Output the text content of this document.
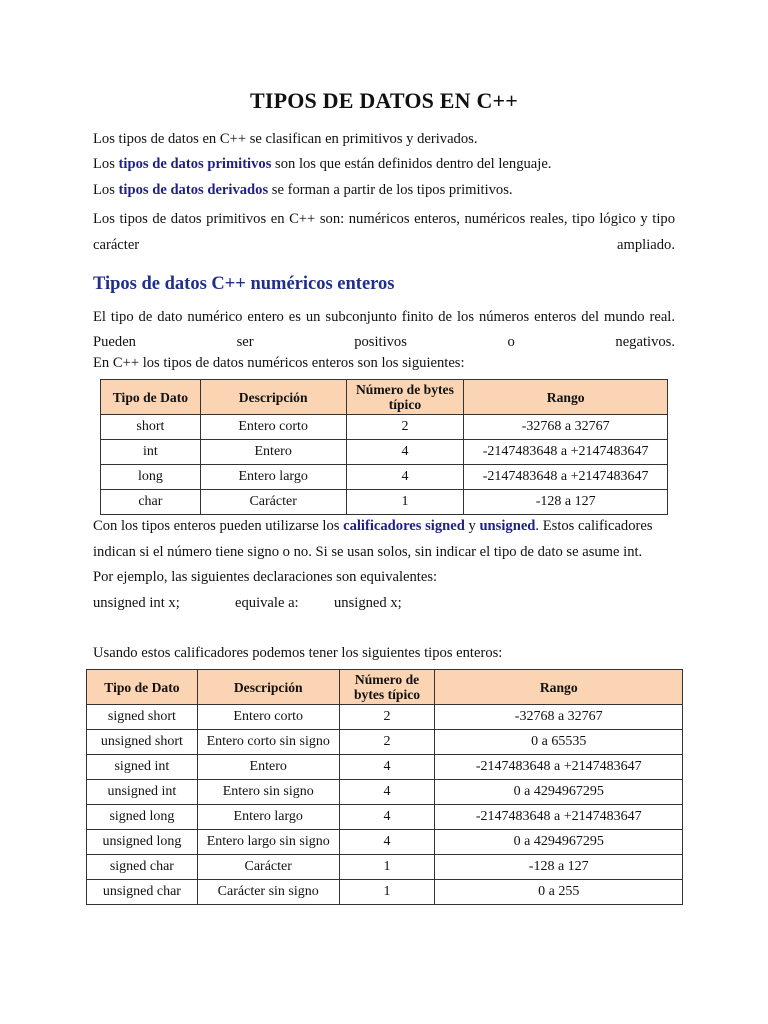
TIPOS DE DATOS EN C++
Los tipos de datos en C++ se clasifican en primitivos y derivados.
Los tipos de datos primitivos son los que están definidos dentro del lenguaje.
Los tipos de datos derivados se forman a partir de los tipos primitivos.
Los tipos de datos primitivos en C++ son: numéricos enteros, numéricos reales, tipo lógico y tipo carácter ampliado.
Tipos de datos C++ numéricos enteros
El tipo de dato numérico entero es un subconjunto finito de los números enteros del mundo real. Pueden ser positivos o negativos.
En C++ los tipos de datos numéricos enteros son los siguientes:
Tipo de Dato	Descripción	Número de bytes típico	Rango
short	Entero corto	2	-32768 a 32767
int	Entero	4	-2147483648 a +2147483647
long	Entero largo	4	-2147483648 a +2147483647
char	Carácter	1	-128 a 127
Con los tipos enteros pueden utilizarse los calificadores signed y unsigned. Estos calificadores
indican si el número tiene signo o no. Si se usan solos, sin indicar el tipo de dato se asume int.
Por ejemplo, las siguientes declaraciones son equivalentes:
unsigned int x;	equivale a: unsigned x;
Usando estos calificadores podemos tener los siguientes tipos enteros:
Tipo de Dato	Descripción	Número de bytes típico	Rango
signed short	Entero corto	2	-32768 a 32767
unsigned short	Entero corto sin signo	2	0 a 65535
signed int	Entero	4	-2147483648 a +2147483647
unsigned int	Entero sin signo	4	0 a 4294967295
signed long	Entero largo	4	-2147483648 a +2147483647
unsigned long	Entero largo sin signo	4	0 a 4294967295
signed char	Carácter	1	-128 a 127
unsigned char	Carácter sin signo	1	0 a 255
